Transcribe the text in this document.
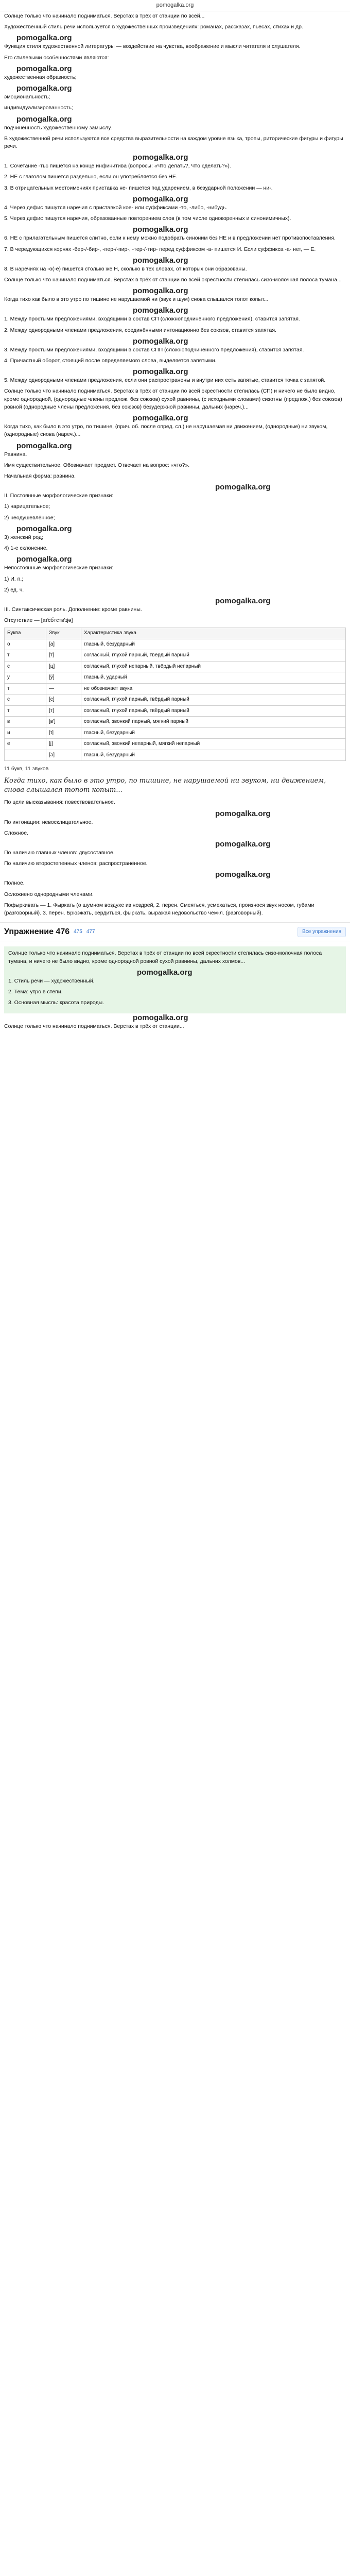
pomogalka.org

Солнце только что начинало подниматься. Верстах в трёх от станции по всей...

Художественный стиль речи используется в художественных произведениях: романах, рассказах, пьесах, стихах и др.

pomogalka.org

Функция стиля художественной литературы — воздействие на чувства, воображение и мысли читателя и слушателя.

Его стилевыми особенностями являются:

pomogalka.org

художественная образность;

pomogalka.org

эмоциональность;

индивидуализированность;

pomogalka.org

подчинённость художественному замыслу.

В художественной речи используются все средства выразительности на каждом уровне языка, тропы, риторические фигуры и фигуры речи.

pomogalka.org

1. Сочетание -тьс пишется на конце инфинитива (вопросы: «Что делать?, Что сделать?»).

2. НЕ с глаголом пишется раздельно, если он употребляется без НЕ.

3. В отрицательных местоимениях приставка не- пишется под ударением, в безударной положении — ни-.

pomogalka.org

4. Через дефис пишутся наречия с приставкой кое- или суффиксами -то, -либо, -нибудь.

5. Через дефис пишутся наречия, образованные повторением слов (в том числе однокоренных и синонимичных).

pomogalka.org

6. НЕ с прилагательным пишется слитно, если к нему можно подобрать синоним без НЕ и в предложении нет противопоставления.

7. В чередующихся корнях -бер-/-бир-, -пер-/-пир-, -тер-/-тир- перед суффиксом -а- пишется И. Если суффикса -а- нет, — Е.

pomogalka.org

8. В наречиях на -о(-е) пишется столько же Н, сколько в тех словах, от которых они образованы.

Солнце только что начинало подниматься. Верстах в трёх от станции по всей окрестности стелилась сизо-молочная полоса тумана...

pomogalka.org

Когда тихо как было в это утро по тишине не нарушаемой ни (звук и шум) снова слышался топот копыт...

pomogalka.org

1. Между простыми предложениями, входящими в состав СП (сложноподчинённого предложения), ставится запятая.

2. Между однородными членами предложения, соединёнными интонационно без союзов, ставится запятая.

pomogalka.org

3. Между простыми предложениями, входящими в состав СПП (сложноподчинённого предложения), ставится запятая.

4. Причастный оборот, стоящий после определяемого слова, выделяется запятыми.

pomogalka.org

5. Между однородными членами предложения, если они распространены и внутри них есть запятые, ставится точка с запятой.

Солнце только что начинало подниматься. Верстах в трёх от станции по всей окрестности стелилась (СП) и ничего не было видно, кроме однородной, (однородные члены предлож. без союзов) сухой равнины, (с исходными словами) сизотны (предлож.) без союзов) ровной (однородные члены предложения, без союзов) безудержной равнины, дальних (нареч.)...

pomogalka.org

Когда тихо, как было в это утро, по тишине, (прич. об. после опред. сл.) не нарушаемая ни движением, (однородные) ни звуком, (однородные) снова (нареч.)...

pomogalka.org

Равнина.

Имя существительное. Обозначает предмет. Отвечает на вопрос: «что?».

Начальная форма: равнина.

pomogalka.org

II. Постоянные морфологические признаки:

1) нарицательное;

2) неодушевлённое;

pomogalka.org

3) женский род;

4) 1-е склонение.

pomogalka.org

Непостоянные морфологические признаки:

1) И. п.;

2) ед. ч.

pomogalka.org

III. Синтаксическая роль. Дополнение: кроме равнины.

Отсутствие — [ат͡сʊ́тств'ɪjə]

Буква	Звук	Характеристика звука
о	[а]	гласный, безударный
т	[т]	согласный, глухой парный, твёрдый парный
с	[ц]	согласный, глухой непарный, твёрдый непарный
у	[у́]	гласный, ударный
т	—	не обозначает звука
с	[с]	согласный, глухой парный, твёрдый парный
т	[т]	согласный, глухой парный, твёрдый парный
в	[в']	согласный, звонкий парный, мягкий парный
и	[ɪ]	гласный, безударный
е	[j]	согласный, звонкий непарный, мягкий непарный
	[ə]	гласный, безударный

11 букв, 11 звуков

Когда тихо, как было в это утро, по тишине, не нарушаемой ни звуком, ни движением, снова слышался топот копыт...

По цели высказывания: повествовательное.

pomogalka.org

По интонации: невосклицательное.

Сложное.

pomogalka.org

По наличию главных членов: двусоставное.

По наличию второстепенных членов: распространённое.

pomogalka.org

Полное.

Осложнено однородными членами.

Пофыркивать — 1. Фыркать (о шумном воздухе из ноздрей, 2. перен. Смеяться, усмехаться, произнося звук носом, губами (разговорный). 3. перен. Брюзжать, сердиться, фыркать, выражая недовольство чем-л. (разговорный).

Упражнение 476 475 477	Все упражнения

Солнце только что начинало подниматься. Верстах в трёх от станции по всей окрестности стелилась сизо-молочная полоса тумана, и ничего не было видно, кроме однородной ровной сухой равнины, дальних холмов...

pomogalka.org

1. Стиль речи — художественный.

2. Тема: утро в степи.

3. Основная мысль: красота природы.

pomogalka.org

Солнце только что начинало подниматься. Верстах в трёх от станции...
